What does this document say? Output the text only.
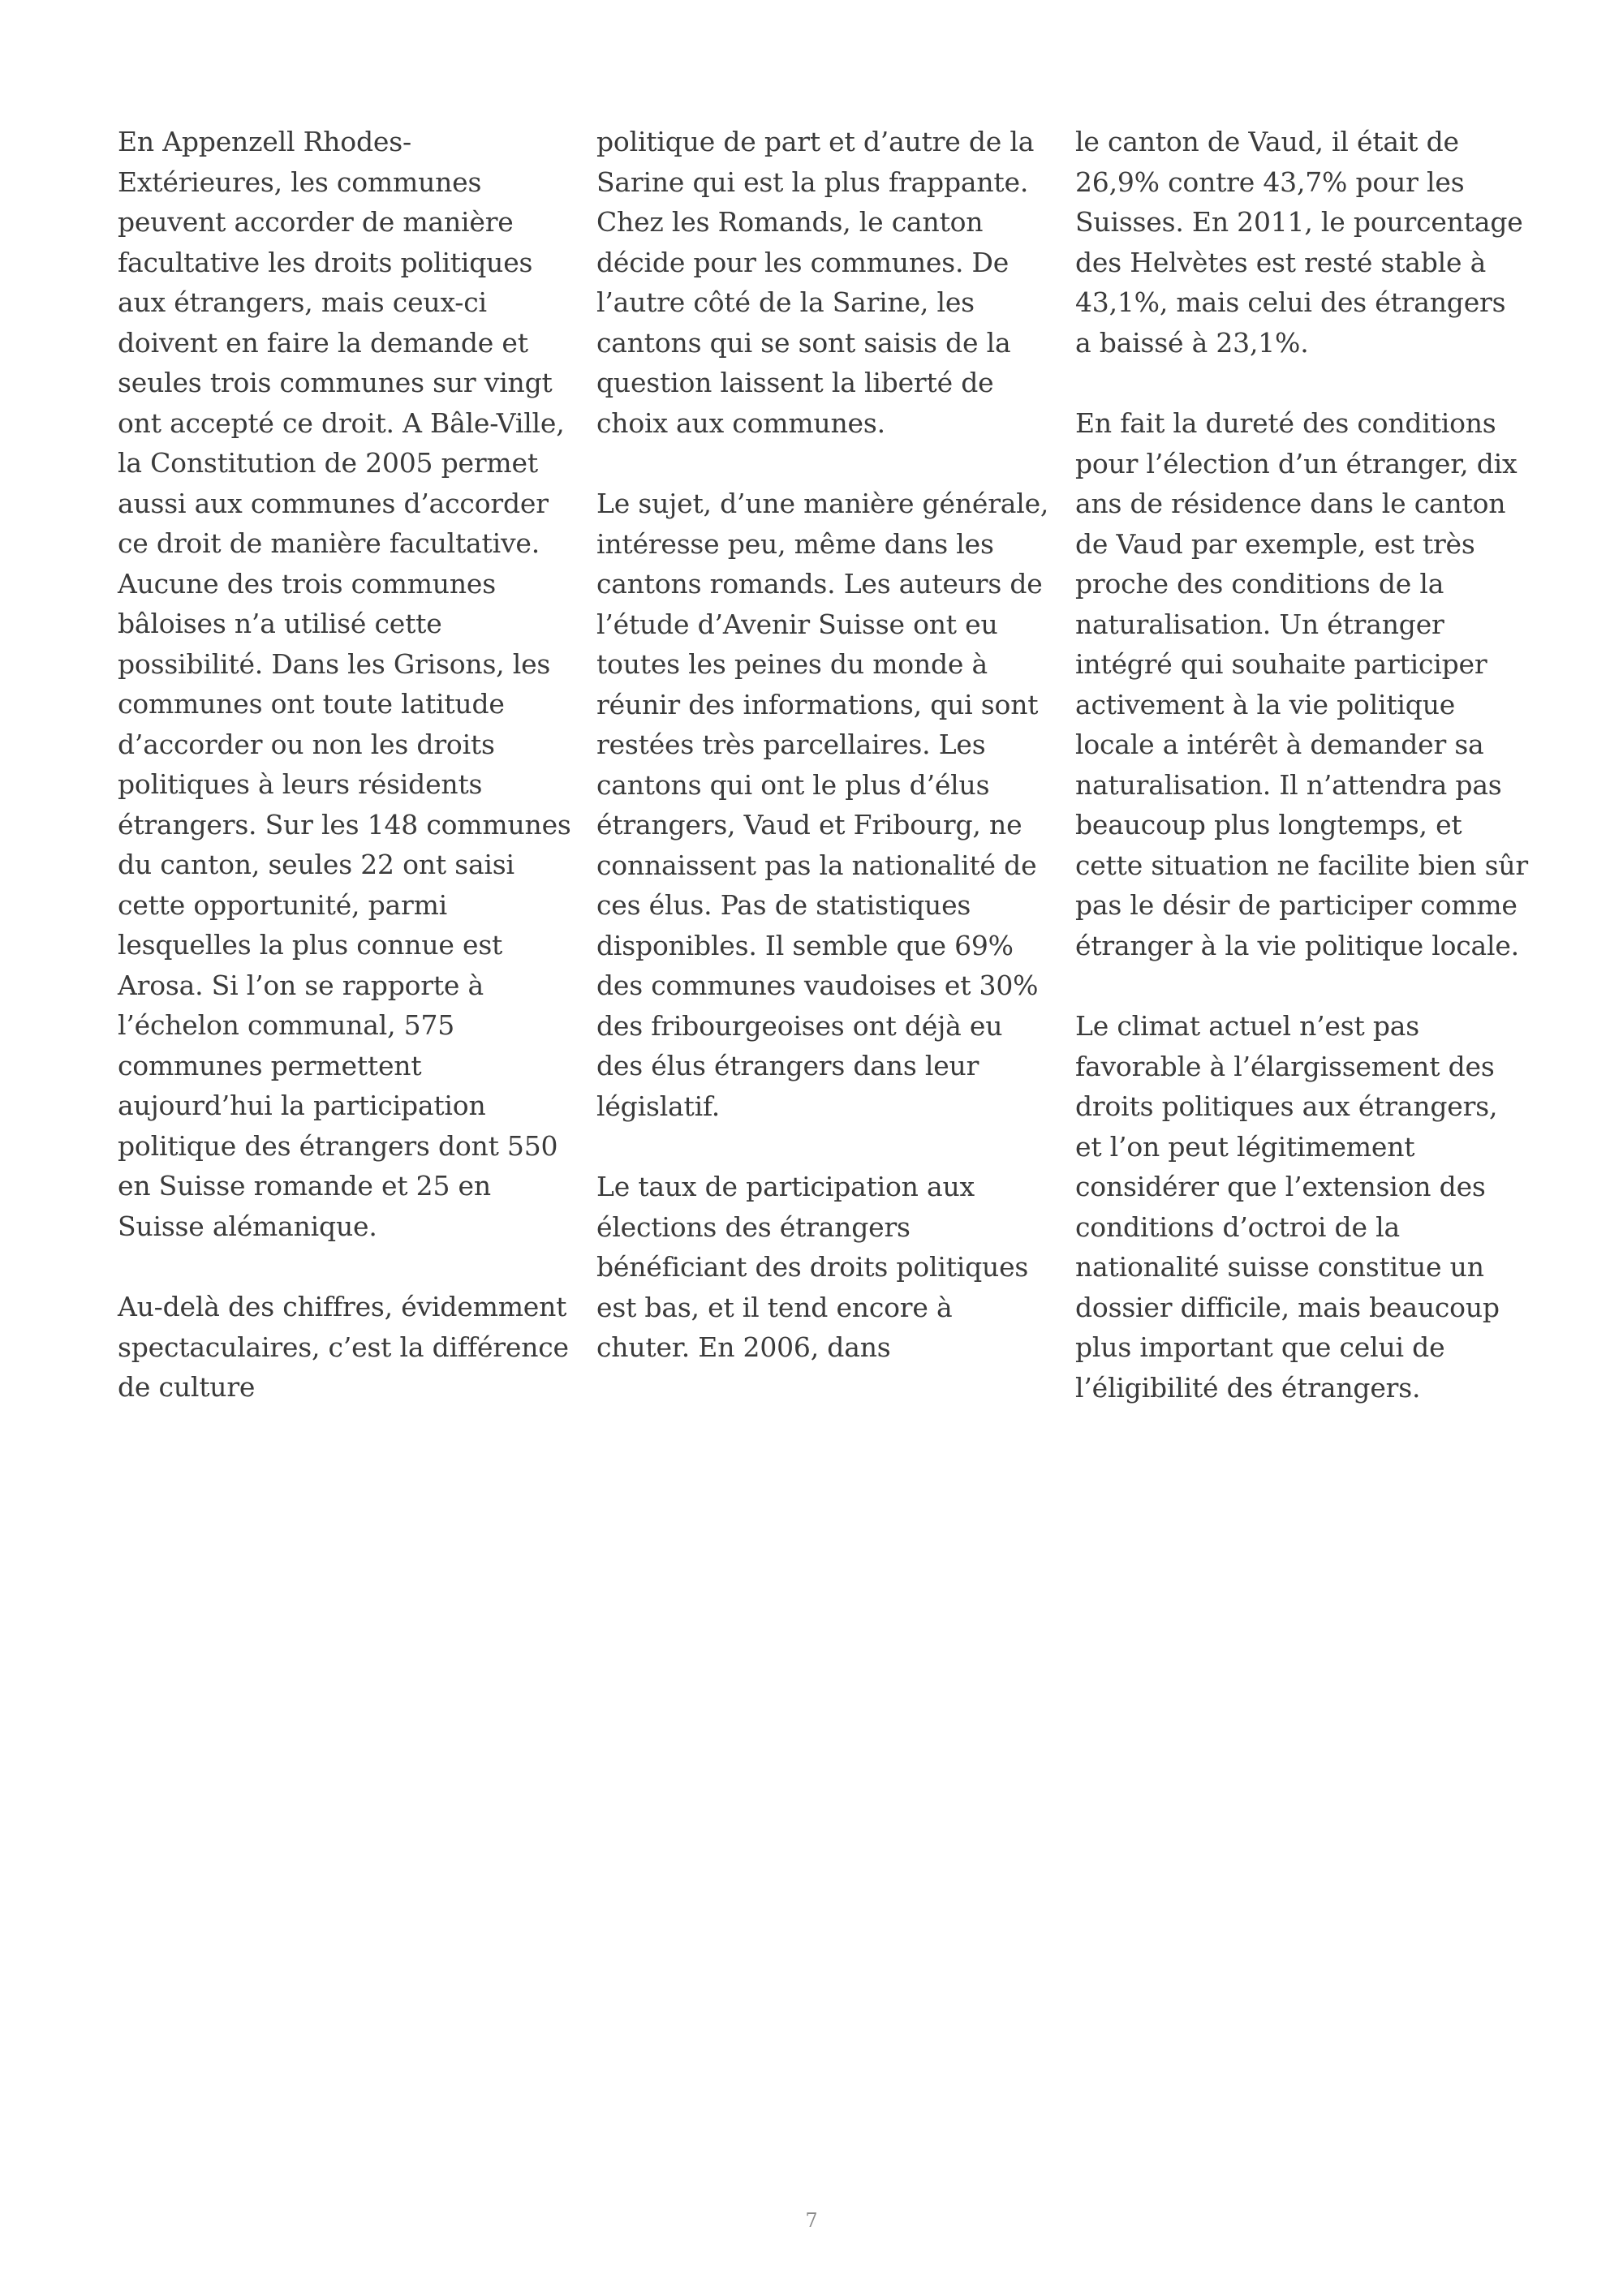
En Appenzell Rhodes-Extérieures, les communes peuvent accorder de manière facultative les droits politiques aux étrangers, mais ceux-ci doivent en faire la demande et seules trois communes sur vingt ont accepté ce droit. A Bâle-Ville, la Constitution de 2005 permet aussi aux communes d’accorder ce droit de manière facultative. Aucune des trois communes bâloises n’a utilisé cette possibilité. Dans les Grisons, les communes ont toute latitude d’accorder ou non les droits politiques à leurs résidents étrangers. Sur les 148 communes du canton, seules 22 ont saisi cette opportunité, parmi lesquelles la plus connue est Arosa. Si l’on se rapporte à l’échelon communal, 575 communes permettent aujourd’hui la participation politique des étrangers dont 550 en Suisse romande et 25 en Suisse alémanique.

Au-delà des chiffres, évidemment spectaculaires, c’est la différence de culture

politique de part et d’autre de la Sarine qui est la plus frappante. Chez les Romands, le canton décide pour les communes. De l’autre côté de la Sarine, les cantons qui se sont saisis de la question laissent la liberté de choix aux communes.

Le sujet, d’une manière générale, intéresse peu, même dans les cantons romands. Les auteurs de l’étude d’Avenir Suisse ont eu toutes les peines du monde à réunir des informations, qui sont restées très parcellaires. Les cantons qui ont le plus d’élus étrangers, Vaud et Fribourg, ne connaissent pas la nationalité de ces élus. Pas de statistiques disponibles. Il semble que 69% des communes vaudoises et 30% des fribourgeoises ont déjà eu des élus étrangers dans leur législatif.

Le taux de participation aux élections des étrangers bénéficiant des droits politiques est bas, et il tend encore à chuter. En 2006, dans

le canton de Vaud, il était de 26,9% contre 43,7% pour les Suisses. En 2011, le pourcentage des Helvètes est resté stable à 43,1%, mais celui des étrangers a baissé à 23,1%.

En fait la dureté des conditions pour l’élection d’un étranger, dix ans de résidence dans le canton de Vaud par exemple, est très proche des conditions de la naturalisation. Un étranger intégré qui souhaite participer activement à la vie politique locale a intérêt à demander sa naturalisation. Il n’attendra pas beaucoup plus longtemps, et cette situation ne facilite bien sûr pas le désir de participer comme étranger à la vie politique locale.

Le climat actuel n’est pas favorable à l’élargissement des droits politiques aux étrangers, et l’on peut légitimement considérer que l’extension des conditions d’octroi de la nationalité suisse constitue un dossier difficile, mais beaucoup plus important que celui de l’éligibilité des étrangers.

7
